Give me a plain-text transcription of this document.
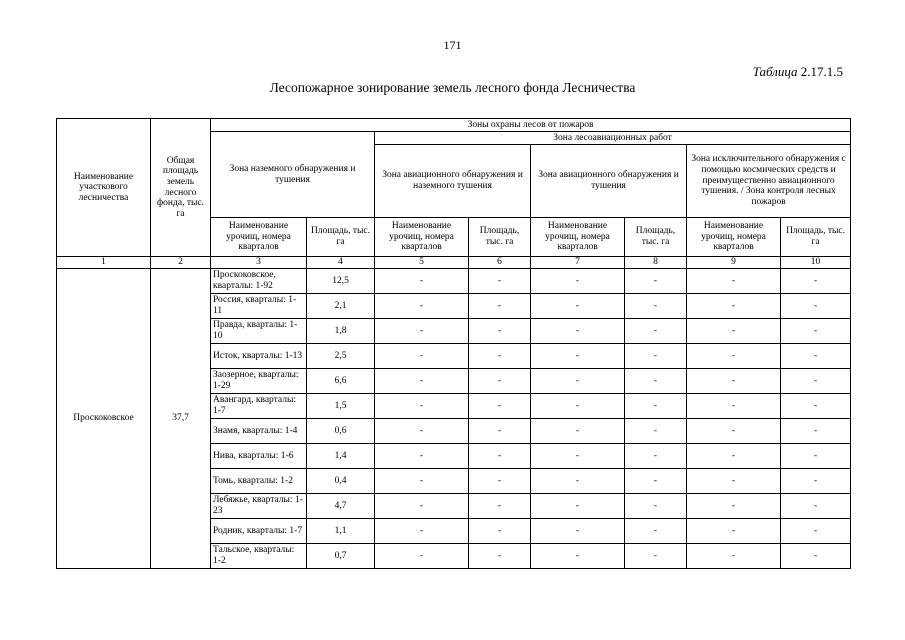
171
Таблица 2.17.1.5
Лесопожарное зонирование земель лесного фонда Лесничества
Наименование участкового лесничества	Общая площадь земель лесного фонда, тыс. га	Зоны охраны лесов от пожаров							
		Зона наземного обнаружения и тушения		Зона лесоавиационных работ					
				Зона авиационного обнаружения и наземного тушения		Зона авиационного обнаружения и тушения		Зона исключительного обнаружения с помощью космических средств и преимущественно авиационного тушения. / Зона контроля лесных пожаров	
		Наименование урочищ, номера кварталов	Площадь, тыс. га	Наименование урочищ, номера кварталов	Площадь, тыс. га	Наименование урочищ, номера кварталов	Площадь, тыс. га	Наименование урочищ, номера кварталов	Площадь, тыс. га
1	2	3	4	5	6	7	8	9	10
Проскоковское	37,7	Проскоковское, кварталы: 1-92	12,5	-	-	-	-	-	-
		Россия, кварталы: 1-11	2,1	-	-	-	-	-	-
		Правда, кварталы: 1-10	1,8	-	-	-	-	-	-
		Исток, кварталы: 1-13	2,5	-	-	-	-	-	-
		Заозерное, кварталы: 1-29	6,6	-	-	-	-	-	-
		Авангард, кварталы: 1-7	1,5	-	-	-	-	-	-
		Знамя, кварталы: 1-4	0,6	-	-	-	-	-	-
		Нива, кварталы: 1-6	1,4	-	-	-	-	-	-
		Томь, кварталы: 1-2	0,4	-	-	-	-	-	-
		Лебяжье, кварталы: 1-23	4,7	-	-	-	-	-	-
		Родник, кварталы: 1-7	1,1	-	-	-	-	-	-
		Тальское, кварталы: 1-2	0,7	-	-	-	-	-	-
